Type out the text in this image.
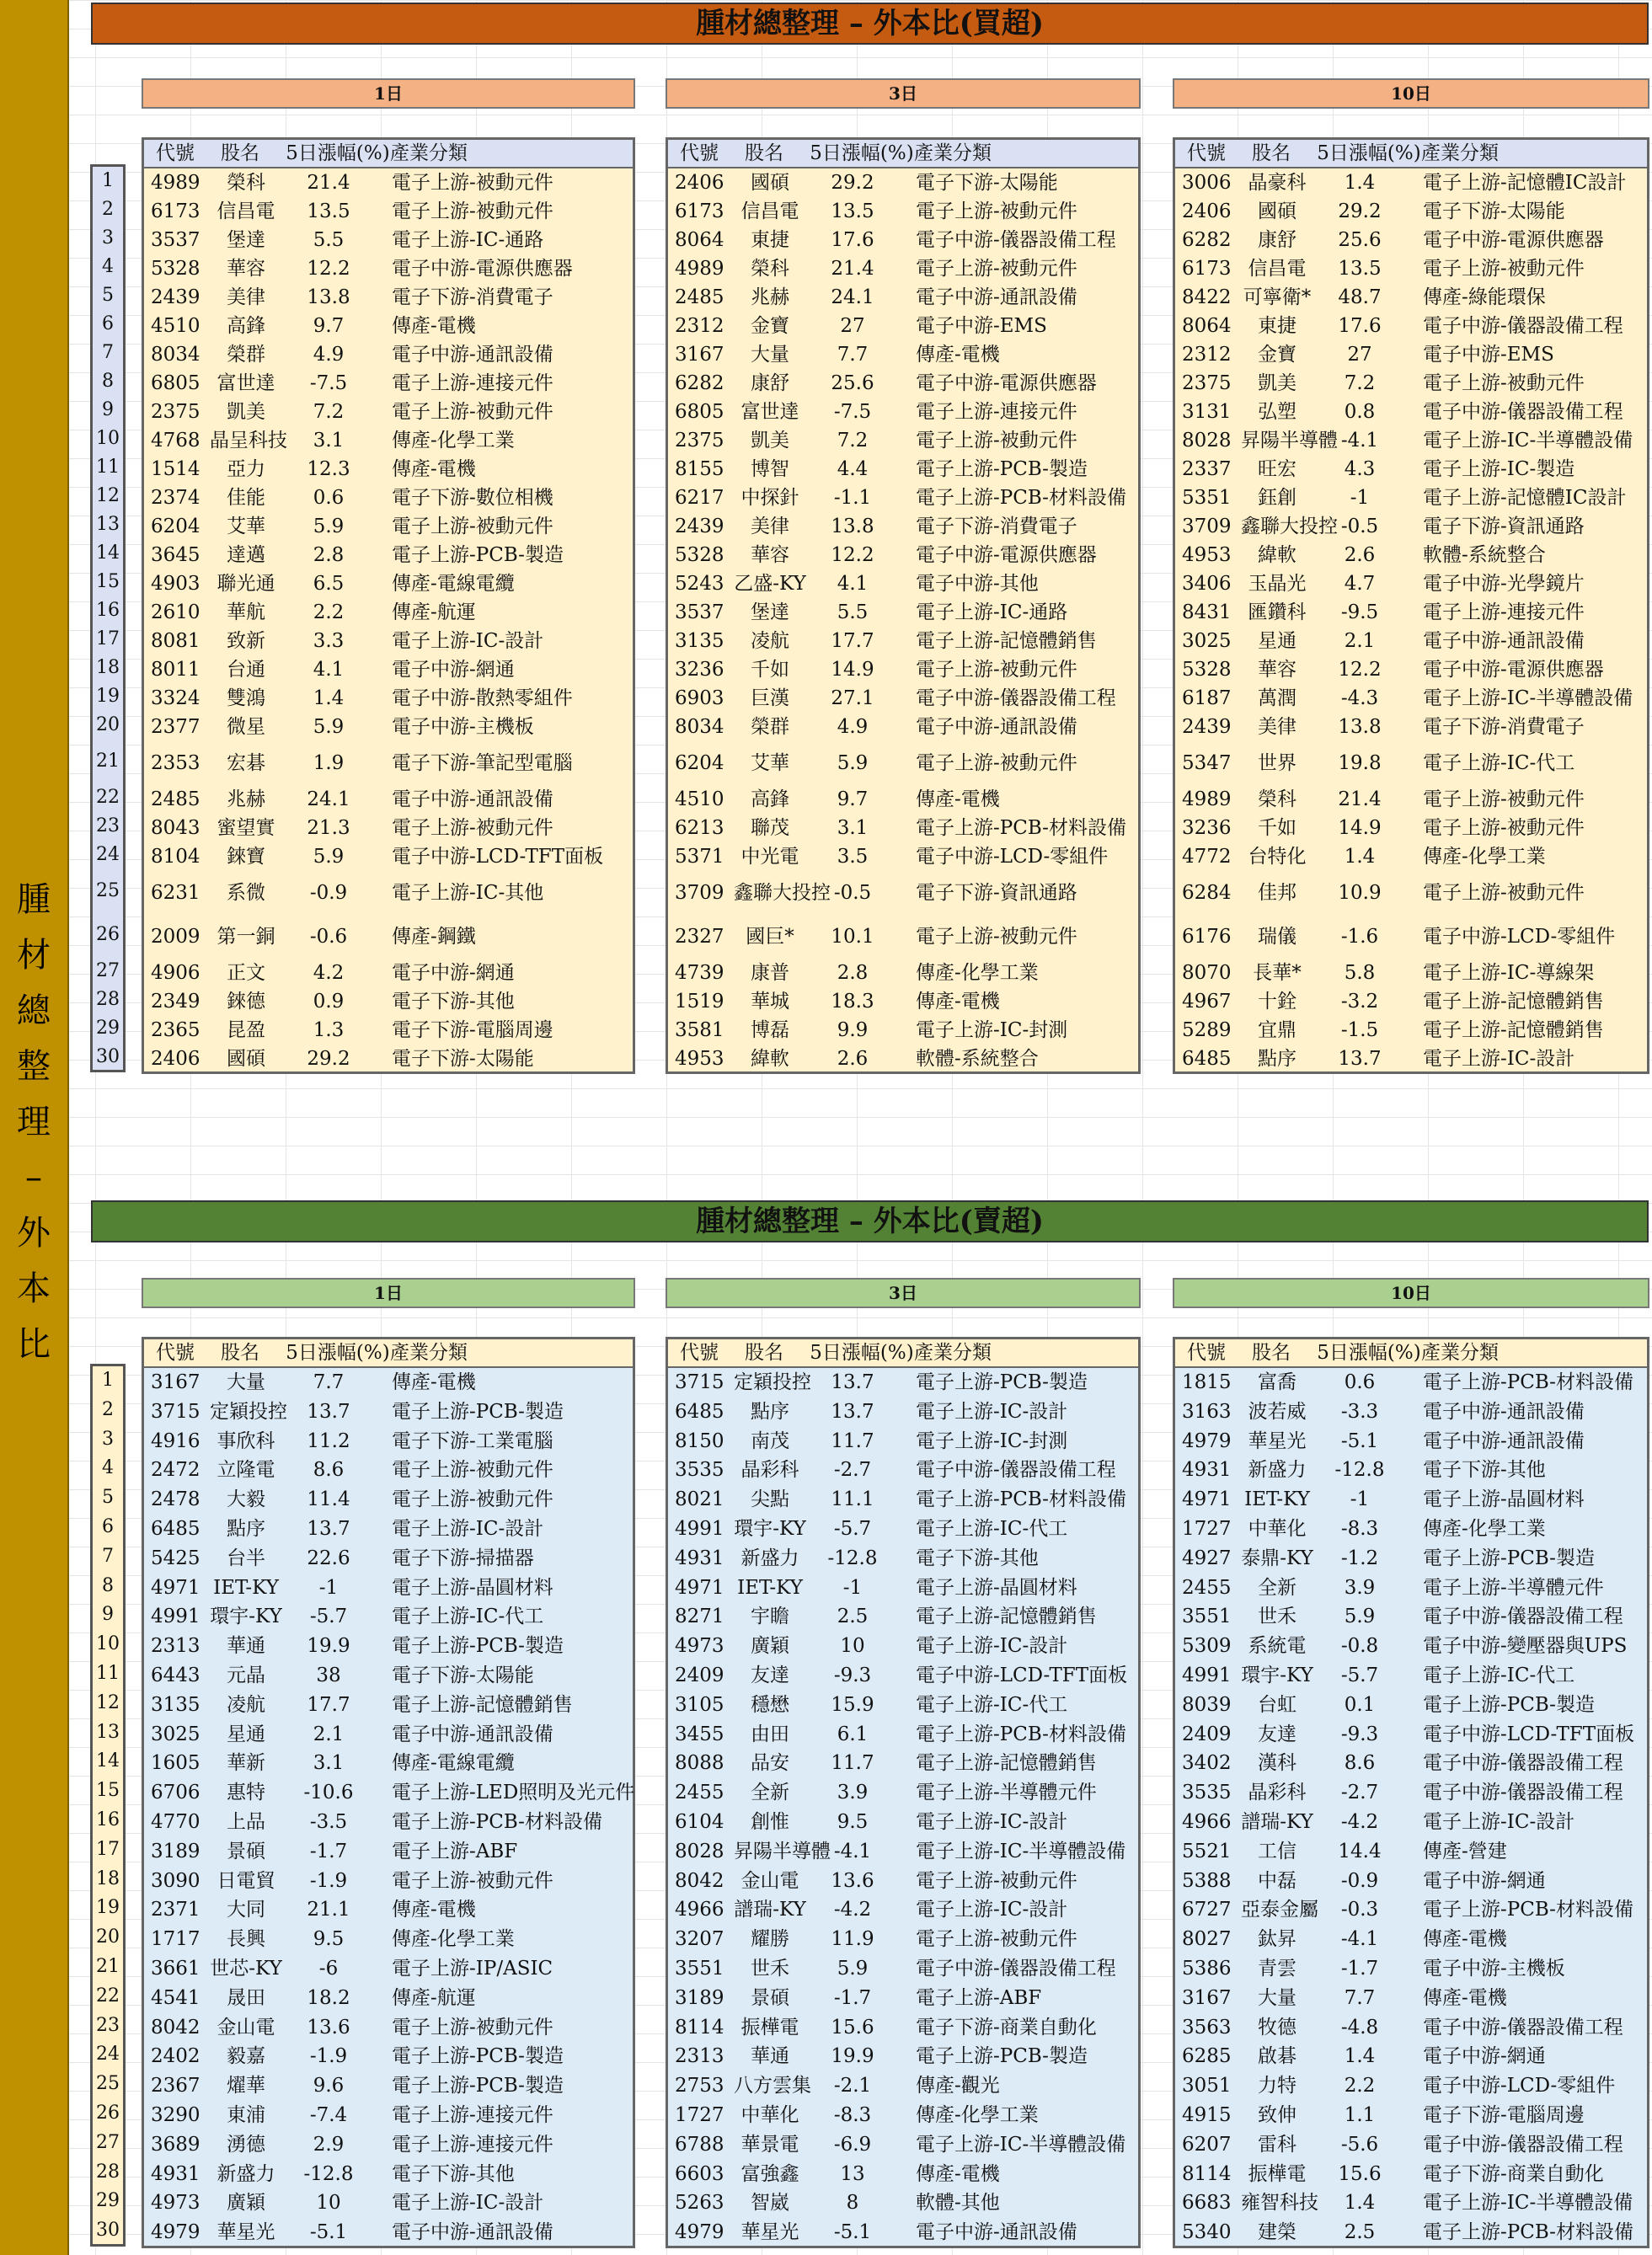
腫
材
總
整
理
–
外
本
比
腫材總整理 – 外本比(買超)
腫材總整理 – 外本比(賣超)
1日	3日	10日
1
2
3
4
5
6
7
8
9
10
11
12
13
14
15
16
17
18
19
20
21
22
23
24
25
26
27
28
29
30
代號	股名	5日漲幅(%) 產業分類
4989	榮科	21.4	電子上游-被動元件
6173 信昌電	13.5	電子上游-被動元件
3537	堡達	5.5	電子上游-IC-通路
5328	華容	12.2	電子中游-電源供應器
2439	美律	13.8	電子下游-消費電子
4510	高鋒	9.7	傳產-電機
8034	榮群	4.9	電子中游-通訊設備
6805 富世達	-7.5	電子上游-連接元件
2375	凱美	7.2	電子上游-被動元件
4768 晶呈科技	3.1	傳產-化學工業
1514	亞力	12.3	傳產-電機
2374	佳能	0.6	電子下游-數位相機
6204	艾華	5.9	電子上游-被動元件
3645	達邁	2.8	電子上游-PCB-製造
4903 聯光通	6.5	傳產-電線電纜
2610	華航	2.2	傳產-航運
8081	致新	3.3	電子上游-IC-設計
8011	台通	4.1	電子中游-網通
3324	雙鴻	1.4	電子中游-散熱零組件
2377	微星	5.9	電子中游-主機板
2353	宏碁	1.9	電子下游-筆記型電腦
2485	兆赫	24.1	電子中游-通訊設備
8043 蜜望實	21.3	電子上游-被動元件
8104	錸寶	5.9	電子中游-LCD-TFT面板
6231	系微	-0.9	電子上游-IC-其他
2009 第一銅	-0.6	傳產-鋼鐵
4906	正文	4.2	電子中游-網通
2349	錸德	0.9	電子下游-其他
2365	昆盈	1.3	電子下游-電腦周邊
2406	國碩	29.2	電子下游-太陽能
代號	股名	5日漲幅(%) 產業分類
2406	國碩	29.2	電子下游-太陽能
6173 信昌電	13.5	電子上游-被動元件
8064	東捷	17.6	電子中游-儀器設備工程
4989	榮科	21.4	電子上游-被動元件
2485	兆赫	24.1	電子中游-通訊設備
2312	金寶	27	電子中游-EMS
3167	大量	7.7	傳產-電機
6282	康舒	25.6	電子中游-電源供應器
6805 富世達	-7.5	電子上游-連接元件
2375	凱美	7.2	電子上游-被動元件
8155	博智	4.4	電子上游-PCB-製造
6217 中探針	-1.1	電子上游-PCB-材料設備
2439	美律	13.8	電子下游-消費電子
5328	華容	12.2	電子中游-電源供應器
5243 乙盛-KY	4.1	電子中游-其他
3537	堡達	5.5	電子上游-IC-通路
3135	凌航	17.7	電子上游-記憶體銷售
3236	千如	14.9	電子上游-被動元件
6903	巨漢	27.1	電子中游-儀器設備工程
8034	榮群	4.9	電子中游-通訊設備
6204	艾華	5.9	電子上游-被動元件
4510	高鋒	9.7	傳產-電機
6213	聯茂	3.1	電子上游-PCB-材料設備
5371 中光電	3.5	電子中游-LCD-零組件
3709 鑫聯大投控 -0.5	電子下游-資訊通路
2327	國巨*	10.1	電子上游-被動元件
4739	康普	2.8	傳產-化學工業
1519	華城	18.3	傳產-電機
3581	博磊	9.9	電子上游-IC-封測
4953	緯軟	2.6	軟體-系統整合
代號	股名	5日漲幅(%) 產業分類
3006 晶豪科	1.4	電子上游-記憶體IC設計
2406	國碩	29.2	電子下游-太陽能
6282	康舒	25.6	電子中游-電源供應器
6173 信昌電	13.5	電子上游-被動元件
8422 可寧衛*	48.7	傳產-綠能環保
8064	東捷	17.6	電子中游-儀器設備工程
2312	金寶	27	電子中游-EMS
2375	凱美	7.2	電子上游-被動元件
3131	弘塑	0.8	電子中游-儀器設備工程
8028 昇陽半導體 -4.1	電子上游-IC-半導體設備
2337	旺宏	4.3	電子上游-IC-製造
5351	鈺創	-1	電子上游-記憶體IC設計
3709 鑫聯大投控 -0.5	電子下游-資訊通路
4953	緯軟	2.6	軟體-系統整合
3406 玉晶光	4.7	電子中游-光學鏡片
8431 匯鑽科	-9.5	電子上游-連接元件
3025	星通	2.1	電子中游-通訊設備
5328	華容	12.2	電子中游-電源供應器
6187	萬潤	-4.3	電子上游-IC-半導體設備
2439	美律	13.8	電子下游-消費電子
5347	世界	19.8	電子上游-IC-代工
4989	榮科	21.4	電子上游-被動元件
3236	千如	14.9	電子上游-被動元件
4772 台特化	1.4	傳產-化學工業
6284	佳邦	10.9	電子上游-被動元件
6176	瑞儀	-1.6	電子中游-LCD-零組件
8070	長華*	5.8	電子上游-IC-導線架
4967	十銓	-3.2	電子上游-記憶體銷售
5289	宜鼎	-1.5	電子上游-記憶體銷售
6485	點序	13.7	電子上游-IC-設計
1日	3日	10日
1
2
3
4
5
6
7
8
9
10
11
12
13
14
15
16
17
18
19
20
21
22
23
24
25
26
27
28
29
30
代號	股名	5日漲幅(%) 產業分類
3167	大量	7.7	傳產-電機
3715 定穎投控	13.7	電子上游-PCB-製造
4916 事欣科	11.2	電子下游-工業電腦
2472 立隆電	8.6	電子上游-被動元件
2478	大毅	11.4	電子上游-被動元件
6485	點序	13.7	電子上游-IC-設計
5425	台半	22.6	電子下游-掃描器
4971 IET-KY	-1	電子上游-晶圓材料
4991 環宇-KY	-5.7	電子上游-IC-代工
2313	華通	19.9	電子上游-PCB-製造
6443	元晶	38	電子下游-太陽能
3135	凌航	17.7	電子上游-記憶體銷售
3025	星通	2.1	電子中游-通訊設備
1605	華新	3.1	傳產-電線電纜
6706	惠特	-10.6	電子上游-LED照明及光元件
4770	上品	-3.5	電子上游-PCB-材料設備
3189	景碩	-1.7	電子上游-ABF
3090 日電貿	-1.9	電子上游-被動元件
2371	大同	21.1	傳產-電機
1717	長興	9.5	傳產-化學工業
3661 世芯-KY	-6	電子上游-IP/ASIC
4541	晟田	18.2	傳產-航運
8042 金山電	13.6	電子上游-被動元件
2402	毅嘉	-1.9	電子上游-PCB-製造
2367	燿華	9.6	電子上游-PCB-製造
3290	東浦	-7.4	電子上游-連接元件
3689	湧德	2.9	電子上游-連接元件
4931 新盛力	-12.8	電子下游-其他
4973	廣穎	10	電子上游-IC-設計
4979 華星光	-5.1	電子中游-通訊設備
代號	股名	5日漲幅(%) 產業分類
3715 定穎投控	13.7	電子上游-PCB-製造
6485	點序	13.7	電子上游-IC-設計
8150	南茂	11.7	電子上游-IC-封測
3535 晶彩科	-2.7	電子中游-儀器設備工程
8021	尖點	11.1	電子上游-PCB-材料設備
4991 環宇-KY	-5.7	電子上游-IC-代工
4931 新盛力	-12.8	電子下游-其他
4971 IET-KY	-1	電子上游-晶圓材料
8271	宇瞻	2.5	電子上游-記憶體銷售
4973	廣穎	10	電子上游-IC-設計
2409	友達	-9.3	電子中游-LCD-TFT面板
3105	穩懋	15.9	電子上游-IC-代工
3455	由田	6.1	電子上游-PCB-材料設備
8088	品安	11.7	電子上游-記憶體銷售
2455	全新	3.9	電子上游-半導體元件
6104	創惟	9.5	電子上游-IC-設計
8028 昇陽半導體 -4.1	電子上游-IC-半導體設備
8042 金山電	13.6	電子上游-被動元件
4966 譜瑞-KY	-4.2	電子上游-IC-設計
3207	耀勝	11.9	電子上游-被動元件
3551	世禾	5.9	電子中游-儀器設備工程
3189	景碩	-1.7	電子上游-ABF
8114 振樺電	15.6	電子下游-商業自動化
2313	華通	19.9	電子上游-PCB-製造
2753 八方雲集	-2.1	傳產-觀光
1727 中華化	-8.3	傳產-化學工業
6788 華景電	-6.9	電子上游-IC-半導體設備
6603 富強鑫	13	傳產-電機
5263	智崴	8	軟體-其他
4979 華星光	-5.1	電子中游-通訊設備
代號	股名	5日漲幅(%) 產業分類
1815	富喬	0.6	電子上游-PCB-材料設備
3163 波若威	-3.3	電子中游-通訊設備
4979 華星光	-5.1	電子中游-通訊設備
4931 新盛力	-12.8	電子下游-其他
4971 IET-KY	-1	電子上游-晶圓材料
1727 中華化	-8.3	傳產-化學工業
4927 泰鼎-KY	-1.2	電子上游-PCB-製造
2455	全新	3.9	電子上游-半導體元件
3551	世禾	5.9	電子中游-儀器設備工程
5309 系統電	-0.8	電子中游-變壓器與UPS
4991 環宇-KY	-5.7	電子上游-IC-代工
8039	台虹	0.1	電子上游-PCB-製造
2409	友達	-9.3	電子中游-LCD-TFT面板
3402	漢科	8.6	電子中游-儀器設備工程
3535 晶彩科	-2.7	電子中游-儀器設備工程
4966 譜瑞-KY	-4.2	電子上游-IC-設計
5521	工信	14.4	傳產-營建
5388	中磊	-0.9	電子中游-網通
6727 亞泰金屬	-0.3	電子上游-PCB-材料設備
8027	鈦昇	-4.1	傳產-電機
5386	青雲	-1.7	電子中游-主機板
3167	大量	7.7	傳產-電機
3563	牧德	-4.8	電子中游-儀器設備工程
6285	啟碁	1.4	電子中游-網通
3051	力特	2.2	電子中游-LCD-零組件
4915	致伸	1.1	電子下游-電腦周邊
6207	雷科	-5.6	電子中游-儀器設備工程
8114 振樺電	15.6	電子下游-商業自動化
6683 雍智科技	1.4	電子上游-IC-半導體設備
5340	建榮	2.5	電子上游-PCB-材料設備
